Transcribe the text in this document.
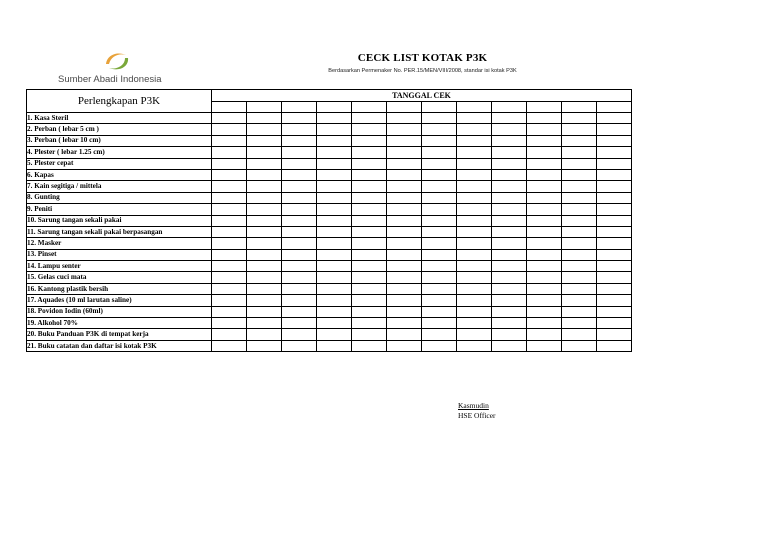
Sumber Abadi Indonesia
CECK LIST KOTAK P3K
Berdasarkan Permenaker No. PER.15/MEN/VIII/2008, standar isi kotak P3K
Perlengkapan P3K	TANGGAL CEK											

1. Kasa Steril												
2. Perban ( lebar 5 cm )												
3. Perban ( lebar 10 cm)												
4. Plester ( lebar 1.25 cm)												
5. Plester cepat												
6. Kapas												
7. Kain segitiga / mittela												
8. Gunting												
9. Peniti												
10. Sarung tangan sekali pakai												
11. Sarung tangan sekali pakai berpasangan												
12. Masker												
13. Pinset												
14. Lampu senter												
15. Gelas cuci mata												
16. Kantong plastik bersih												
17. Aquades (10 ml larutan saline)												
18. Povidon Iodin (60ml)												
19. Alkohol 70%												
20. Buku Panduan P3K di tempat kerja												
21. Buku catatan dan daftar isi kotak P3K												
Kasmudin
HSE Officer
